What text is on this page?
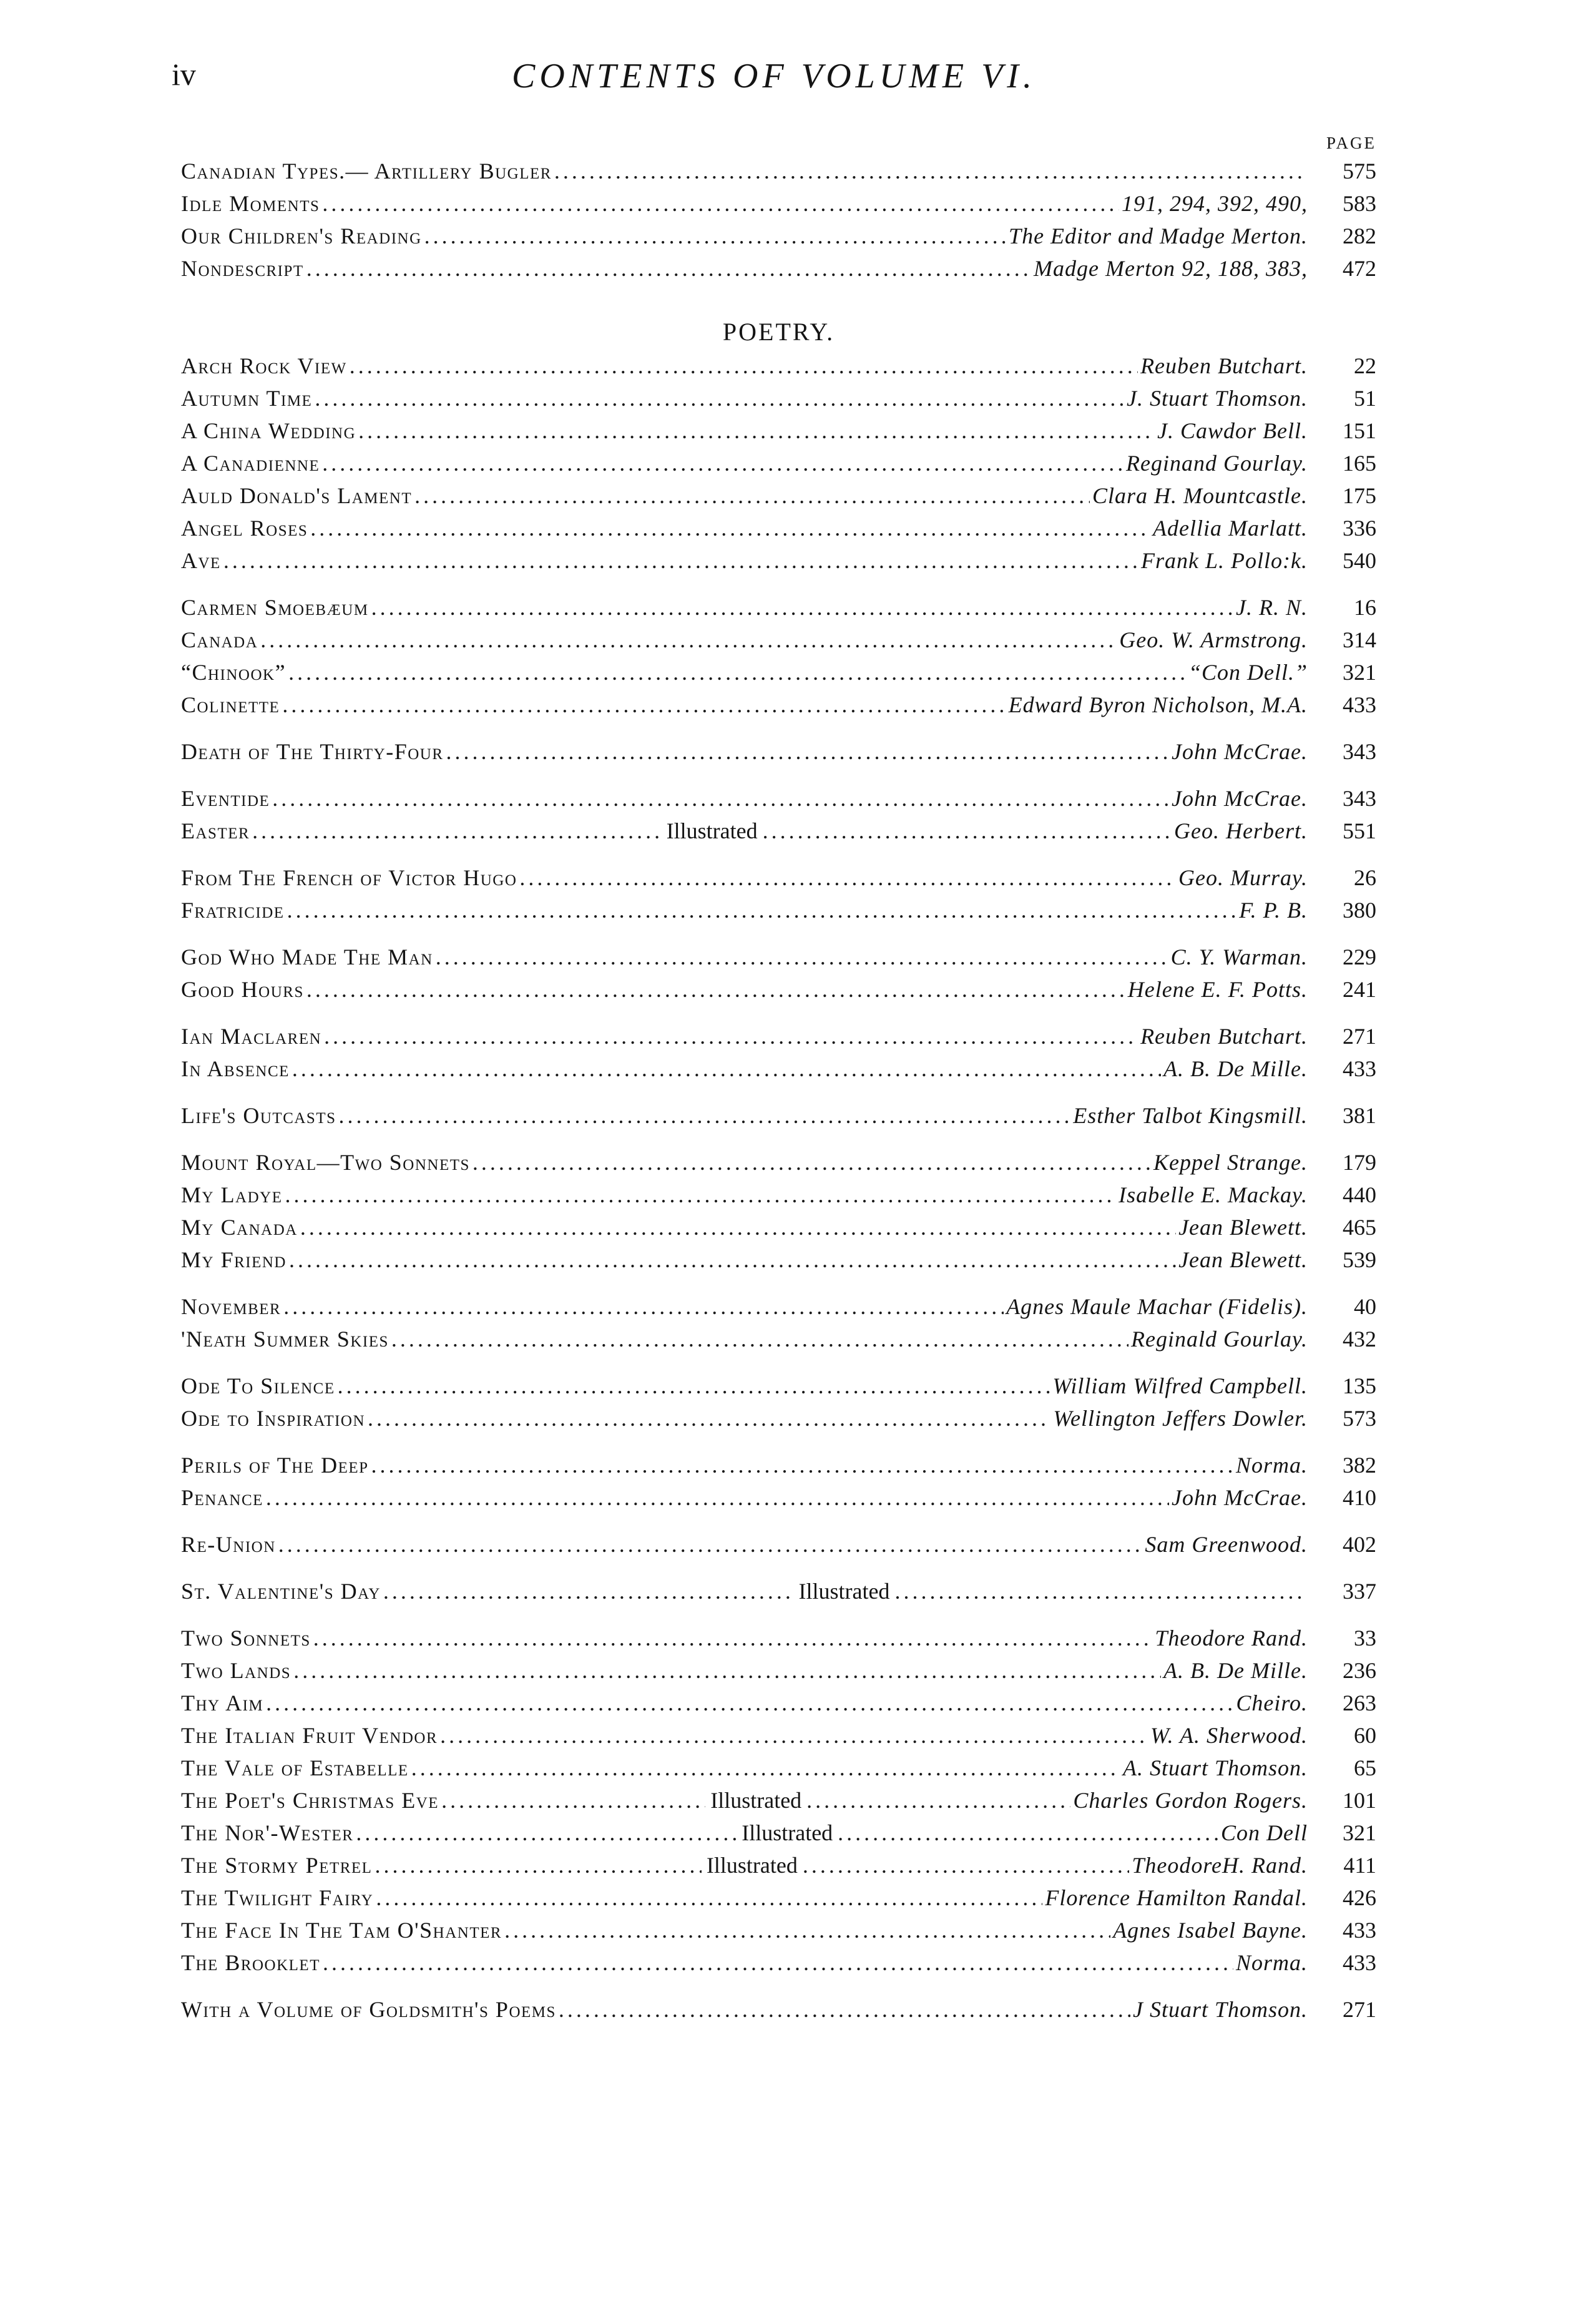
iv	CONTENTS OF VOLUME VI.
PAGE
POETRY.
Canadian Types.— Artillery Bugler .....	575
Idle Moments .....	191, 294, 392, 490,	583
Our Children's Reading .....	The Editor and Madge Merton.	282
Nondescript .....	Madge Merton 92, 188, 383,	472
Arch Rock View .....	Reuben Butchart.	22
Autumn Time .....	J. Stuart Thomson.	51
A China Wedding .....	J. Cawdor Bell.	151
A Canadienne .....	Reginand Gourlay.	165
Auld Donald's Lament .....	Clara H. Mountcastle.	175
Angel Roses .....	Adellia Marlatt.	336
Ave .....	Frank L. Pollo:k.	540
Carmen Smoebæum .....	J. R. N.	16
Canada .....	Geo. W. Armstrong.	314
“Chinook” .....	“Con Dell.”	321
Colinette .....	Edward Byron Nicholson, M.A.	433
Death of The Thirty-Four .....	John McCrae.	343
Eventide .....	John McCrae.	343
Easter .....	Illustrated .....	Geo. Herbert.	551
From The French of Victor Hugo .....	Geo. Murray.	26
Fratricide .....	F. P. B.	380
God Who Made The Man .....	C. Y. Warman.	229
Good Hours .....	Helene E. F. Potts.	241
Ian Maclaren .....	Reuben Butchart.	271
In Absence .....	A. B. De Mille.	433
Life's Outcasts .....	Esther Talbot Kingsmill.	381
Mount Royal—Two Sonnets .....	Keppel Strange.	179
My Ladye .....	Isabelle E. Mackay.	440
My Canada .....	Jean Blewett.	465
My Friend .....	Jean Blewett.	539
November .....	Agnes Maule Machar (Fidelis).	40
'Neath Summer Skies .....	Reginald Gourlay.	432
Ode To Silence .....	William Wilfred Campbell.	135
Ode to Inspiration .....	Wellington Jeffers Dowler.	573
Perils of The Deep .....	Norma.	382
Penance .....	John McCrae.	410
Re-Union .....	Sam Greenwood.	402
St. Valentine's Day .....	Illustrated .....	337
Two Sonnets .....	Theodore Rand.	33
Two Lands .....	A. B. De Mille.	236
Thy Aim .....	Cheiro.	263
The Italian Fruit Vendor .....	W. A. Sherwood.	60
The Vale of Estabelle .....	A. Stuart Thomson.	65
The Poet's Christmas Eve .....	Illustrated .....	Charles Gordon Rogers.	101
The Nor'-Wester .....	Illustrated .....	Con Dell	321
The Stormy Petrel .....	Illustrated .....	TheodoreH. Rand.	411
The Twilight Fairy .....	Florence Hamilton Randal.	426
The Face In The Tam O'Shanter .....	Agnes Isabel Bayne.	433
The Brooklet .....	Norma.	433
With a Volume of Goldsmith's Poems .....	J Stuart Thomson.	271
